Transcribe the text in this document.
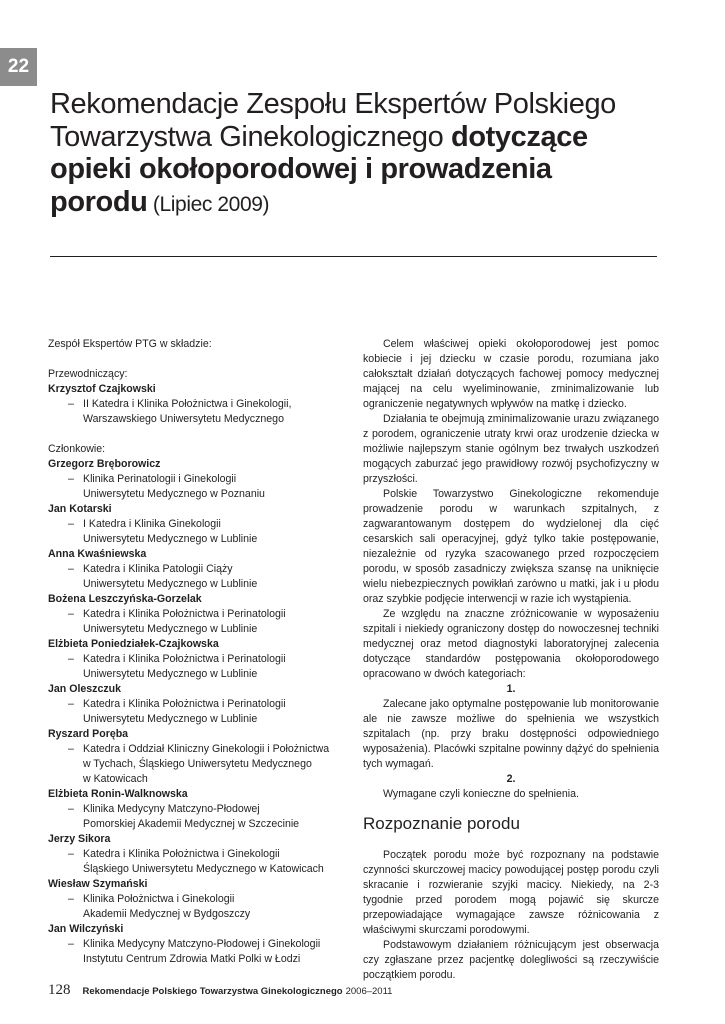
22
Rekomendacje Zespołu Ekspertów Polskiego
Towarzystwa Ginekologicznego dotyczące
opieki okołoporodowej i prowadzenia
porodu (Lipiec 2009)

Zespół Ekspertów PTG w składzie:

Przewodniczący:

Krzysztof Czajkowski

– II Katedra i Klinika Położnictwa i Ginekologii,

Warszawskiego Uniwersytetu Medycznego

Członkowie:

Grzegorz Bręborowicz

– Klinika Perinatologii i Ginekologii

Uniwersytetu Medycznego w Poznaniu

Jan Kotarski

– I Katedra i Klinika Ginekologii

Uniwersytetu Medycznego w Lublinie

Anna Kwaśniewska

– Katedra i Klinika Patologii Ciąży

Uniwersytetu Medycznego w Lublinie

Bożena Leszczyńska-Gorzelak

– Katedra i Klinika Położnictwa i Perinatologii

Uniwersytetu Medycznego w Lublinie

Elżbieta Poniedziałek-Czajkowska

– Katedra i Klinika Położnictwa i Perinatologii

Uniwersytetu Medycznego w Lublinie

Jan Oleszczuk

– Katedra i Klinika Położnictwa i Perinatologii

Uniwersytetu Medycznego w Lublinie

Ryszard Poręba

– Katedra i Oddział Kliniczny Ginekologii i Położnictwa

w Tychach, Śląskiego Uniwersytetu Medycznego

w Katowicach

Elżbieta Ronin-Walknowska

– Klinika Medycyny Matczyno-Płodowej

Pomorskiej Akademii Medycznej w Szczecinie

Jerzy Sikora

– Katedra i Klinika Położnictwa i Ginekologii

Śląskiego Uniwersytetu Medycznego w Katowicach

Wiesław Szymański

– Klinika Położnictwa i Ginekologii

Akademii Medycznej w Bydgoszczy

Jan Wilczyński

– Klinika Medycyny Matczyno-Płodowej i Ginekologii

Instytutu Centrum Zdrowia Matki Polki w Łodzi

Celem właściwej opieki okołoporodowej jest pomoc kobiecie i jej dziecku w czasie porodu, rozumiana jako całokształt działań dotyczących fachowej pomocy medycznej mającej na celu wyeliminowanie, zminimalizowanie lub ograniczenie negatywnych wpływów na matkę i dziecko.

Działania te obejmują zminimalizowanie urazu związanego z porodem, ograniczenie utraty krwi oraz urodzenie dziecka w możliwie najlepszym stanie ogólnym bez trwałych uszkodzeń mogących zaburzać jego prawidłowy rozwój psychofizyczny w przyszłości.

Polskie Towarzystwo Ginekologiczne rekomenduje prowadzenie porodu w warunkach szpitalnych, z zagwarantowanym dostępem do wydzielonej dla cięć cesarskich sali operacyjnej, gdyż tylko takie postępowanie, niezależnie od ryzyka szacowanego przed rozpoczęciem porodu, w sposób zasadniczy zwiększa szansę na uniknięcie wielu niebezpiecznych powikłań zarówno u matki, jak i u płodu oraz szybkie podjęcie interwencji w razie ich wystąpienia.

Ze względu na znaczne zróżnicowanie w wyposażeniu szpitali i niekiedy ograniczony dostęp do nowoczesnej techniki medycznej oraz metod diagnostyki laboratoryjnej zalecenia dotyczące standardów postępowania okołoporodowego opracowano w dwóch kategoriach:

1.

Zalecane jako optymalne postępowanie lub monitorowanie ale nie zawsze możliwe do spełnienia we wszystkich szpitalach (np. przy braku dostępności odpowiedniego wyposażenia). Placówki szpitalne powinny dążyć do spełnienia tych wymagań.

2.

Wymagane czyli konieczne do spełnienia.

Rozpoznanie porodu

Początek porodu może być rozpoznany na podstawie czynności skurczowej macicy powodującej postęp porodu czyli skracanie i rozwieranie szyjki macicy. Niekiedy, na 2-3 tygodnie przed porodem mogą pojawić się skurcze przepowiadające wymagające zawsze różnicowania z właściwymi skurczami porodowymi.

Podstawowym działaniem różnicującym jest obserwacja czy zgłaszane przez pacjentkę dolegliwości są rzeczywiście początkiem porodu.

128 Rekomendacje Polskiego Towarzystwa Ginekologicznego 2006–2011
